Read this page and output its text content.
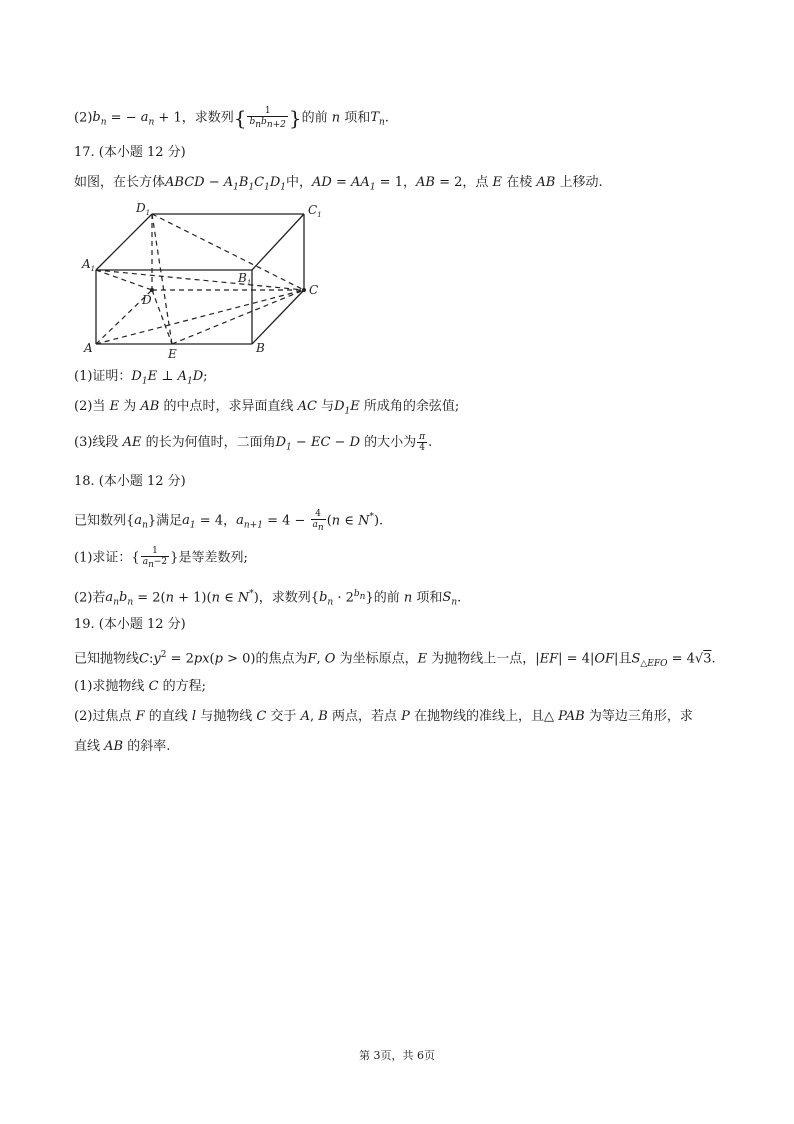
$(2)b_n$ = − $a_n + 1$，求数列{ $\frac{1}{b_nb_{n+2}}$ }的前 n 项和$T_n$.
17. (本小题 12 分)
如图，在长方体ABCD − $A_1B_1C_1D_1$中，AD = $AA_1 = 1$，AB = 2，点 E 在棱 AB 上移动.
$D_1$	$C_1$
$A_1$
$B_1$
D
C
A	E	B
(1)证明：$D_1E$ ⊥ $A_1D$;
(2)当 E 为 AB 的中点时，求异面直线 AC 与$D_1E$ 所成角的余弦值;
(3)线段 AE 的长为何值时，二面角$D_1$ − EC − D 的大小为 $\frac{\pi}{4}$ .
18. (本小题 12 分)
已知数列$\{a_n\}$满足$a_1 = 4$，$a_{n+1} = 4 - \frac{4}{a_n} (n$ ∈ N*).
(1)求证：{ $\frac{1}{a_n-2}$ }是等差数列;
(2)若$a_nb_n = 2(n + 1)(n$ ∈ N*)，求数列$\{b_n \cdot 2^{b_n}\}$的前 n 项和$S_n$.
19. (本小题 12 分)
已知抛物线$C:y^2 = 2px(p > 0)$的焦点为F, O 为坐标原点，E 为抛物线上一点，|EF| = 4|OF|且$S_{\triangle EFO} = 4√3$.
(1)求抛物线 C 的方程;
(2)过焦点 F 的直线 l 与抛物线 C 交于 A, B 两点，若点 P 在抛物线的准线上，且△ PAB 为等边三角形，求
直线 AB 的斜率.
第 3页，共 6页
